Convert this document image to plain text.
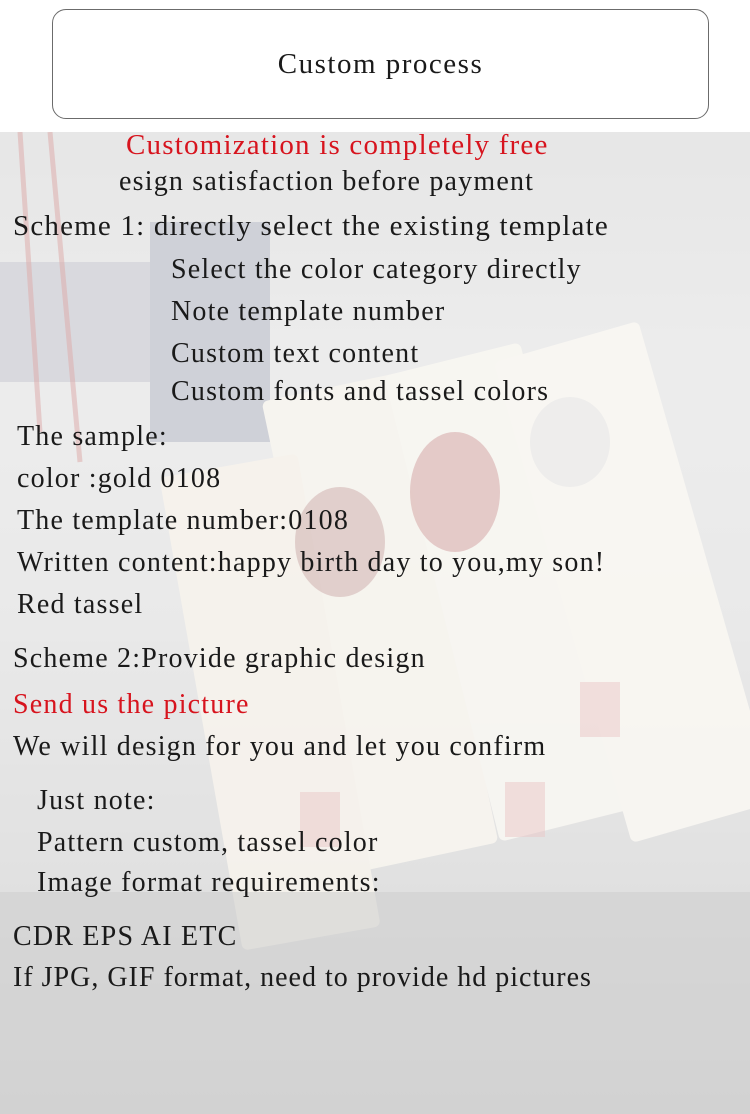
Custom process
Customization is completely free
esign satisfaction before payment
Scheme 1: directly select the existing template
Select the color category directly
Note template number
Custom text content
Custom fonts and tassel colors
The sample:
color :gold 0108
The template number:0108
Written content:happy birth day to you,my son!
Red tassel
Scheme 2:Provide graphic design
Send us the picture
We will design for you and let you confirm
Just note:
Pattern custom, tassel color
Image format requirements:
CDR EPS AI ETC
If JPG, GIF format, need to provide hd pictures
